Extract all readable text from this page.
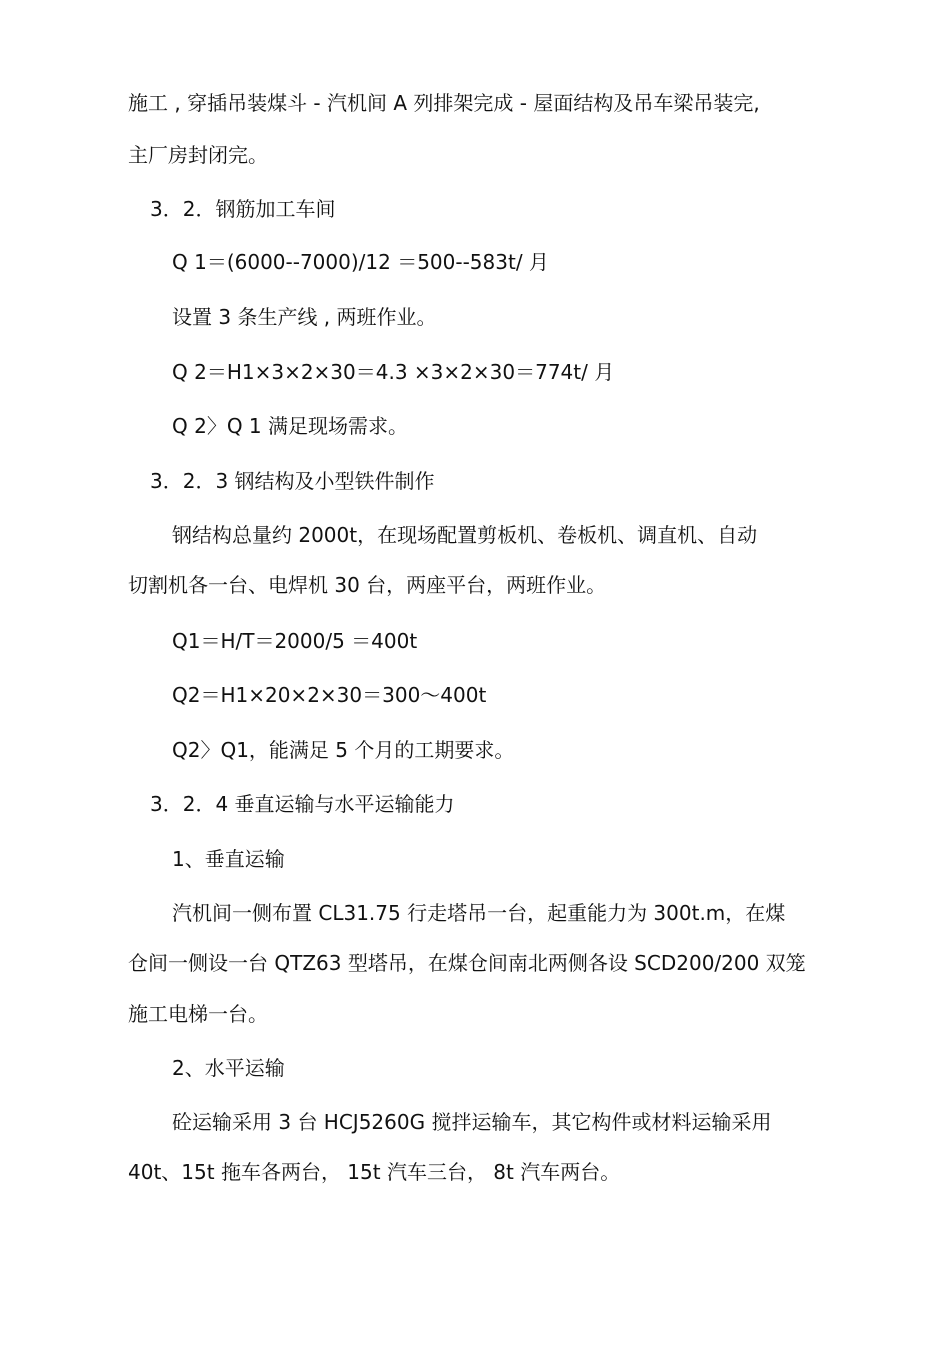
施工 , 穿插吊装煤斗 - 汽机间 A 列排架完成 - 屋面结构及吊车梁吊装完,
主厂房封闭完。
3．2．钢筋加工车间
Q 1＝(6000--7000)/12 ＝500--583t/ 月
设置 3 条生产线 , 两班作业。
Q 2＝H1×3×2×30＝4.3 ×3×2×30＝774t/ 月
Q 2〉Q 1 满足现场需求。
3．2．3 钢结构及小型铁件制作
钢结构总量约 2000t，在现场配置剪板机、卷板机、调直机、自动
切割机各一台、电焊机 30 台，两座平台，两班作业。
Q1＝H/T＝2000/5 ＝400t
Q2＝H1×20×2×30＝300～400t
Q2〉Q1，能满足 5 个月的工期要求。
3．2．4 垂直运输与水平运输能力
1、垂直运输
汽机间一侧布置 CL31.75 行走塔吊一台，起重能力为 300t.m，在煤
仓间一侧设一台 QTZ63 型塔吊，在煤仓间南北两侧各设 SCD200/200 双笼
施工电梯一台。
2、水平运输
砼运输采用 3 台 HCJ5260G 搅拌运输车，其它构件或材料运输采用
40t、15t 拖车各两台， 15t 汽车三台， 8t 汽车两台。
